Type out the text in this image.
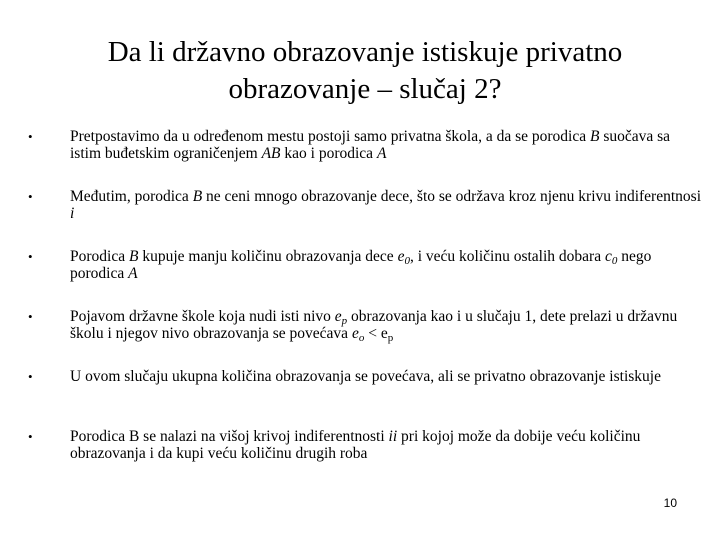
Da li državno obrazovanje istiskuje privatno
obrazovanje – slučaj 2?
• Pretpostavimo da u određenom mestu postoji samo privatna škola, a da se porodica B suočava sa istim buđetskim ograničenjem AB kao i porodica A
• Međutim, porodica B ne ceni mnogo obrazovanje dece, što se održava kroz njenu krivu indiferentnosi i
• Porodica B kupuje manju količinu obrazovanja dece $e_0$, i veću količinu ostalih dobara $c_0$ nego porodica A
• Pojavom državne škole koja nudi isti nivo $e_p$ obrazovanja kao i u slučaju 1, dete prelazi u državnu školu i njegov nivo obrazovanja se povećava $e_o < e_p$
• U ovom slučaju ukupna količina obrazovanja se povećava, ali se privatno obrazovanje istiskuje
• Porodica B se nalazi na višoj krivoj indiferentnosti ii pri kojoj može da dobije veću količinu obrazovanja i da kupi veću količinu drugih roba
10
